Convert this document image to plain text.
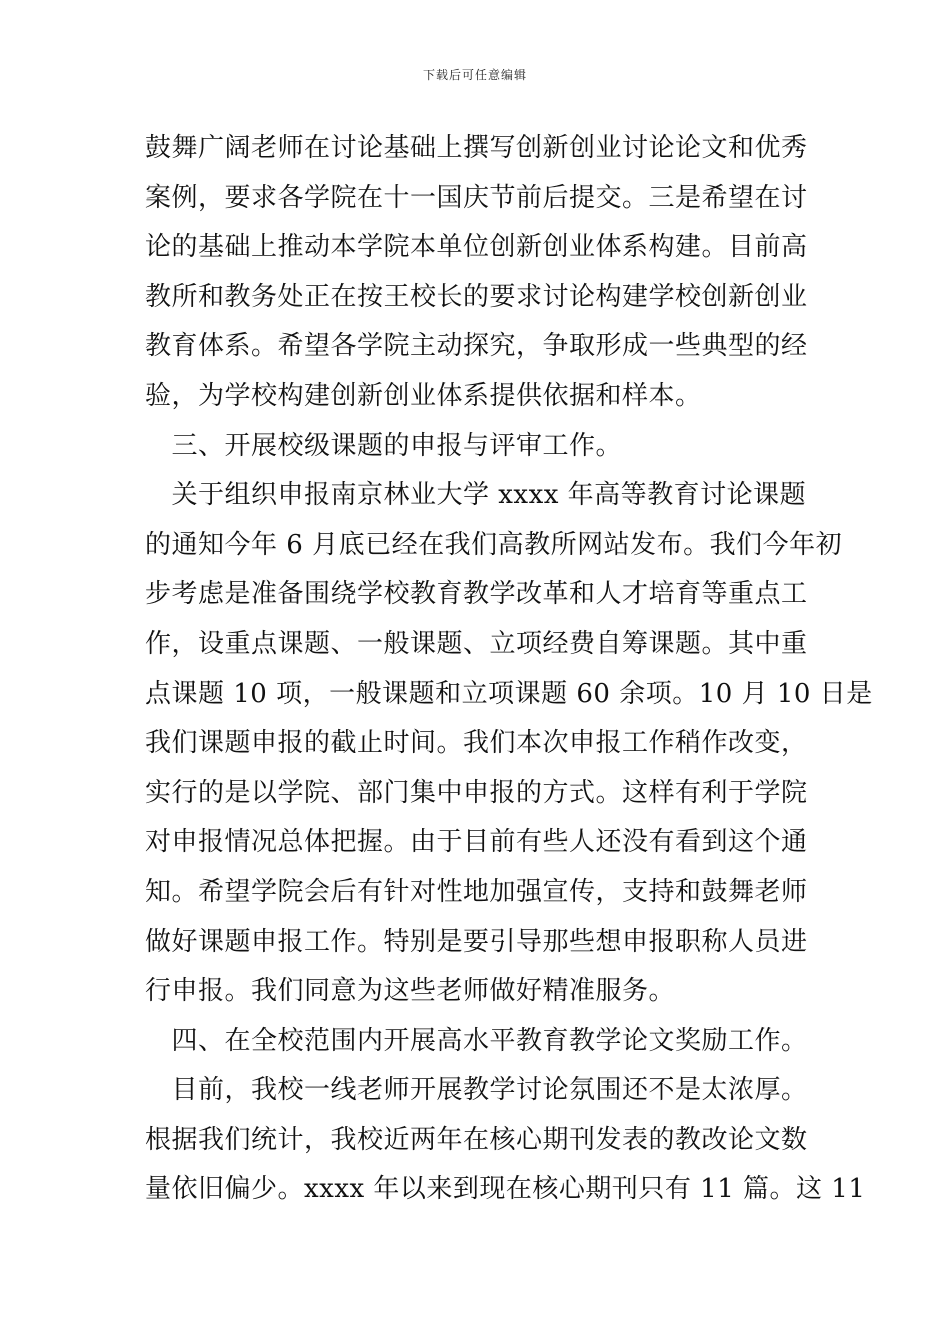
下载后可任意编辑
鼓舞广阔老师在讨论基础上撰写创新创业讨论论文和优秀
案例，要求各学院在十一国庆节前后提交。三是希望在讨
论的基础上推动本学院本单位创新创业体系构建。目前高
教所和教务处正在按王校长的要求讨论构建学校创新创业
教育体系。希望各学院主动探究，争取形成一些典型的经
验，为学校构建创新创业体系提供依据和样本。
　三、开展校级课题的申报与评审工作。
　关于组织申报南京林业大学 xxxx 年高等教育讨论课题
的通知今年 6 月底已经在我们高教所网站发布。我们今年初
步考虑是准备围绕学校教育教学改革和人才培育等重点工
作，设重点课题、一般课题、立项经费自筹课题。其中重
点课题 10 项，一般课题和立项课题 60 余项。10 月 10 日是
我们课题申报的截止时间。我们本次申报工作稍作改变，
实行的是以学院、部门集中申报的方式。这样有利于学院
对申报情况总体把握。由于目前有些人还没有看到这个通
知。希望学院会后有针对性地加强宣传，支持和鼓舞老师
做好课题申报工作。特别是要引导那些想申报职称人员进
行申报。我们同意为这些老师做好精准服务。
　四、在全校范围内开展高水平教育教学论文奖励工作。
　目前，我校一线老师开展教学讨论氛围还不是太浓厚。
根据我们统计，我校近两年在核心期刊发表的教改论文数
量依旧偏少。xxxx 年以来到现在核心期刊只有 11 篇。这 11
